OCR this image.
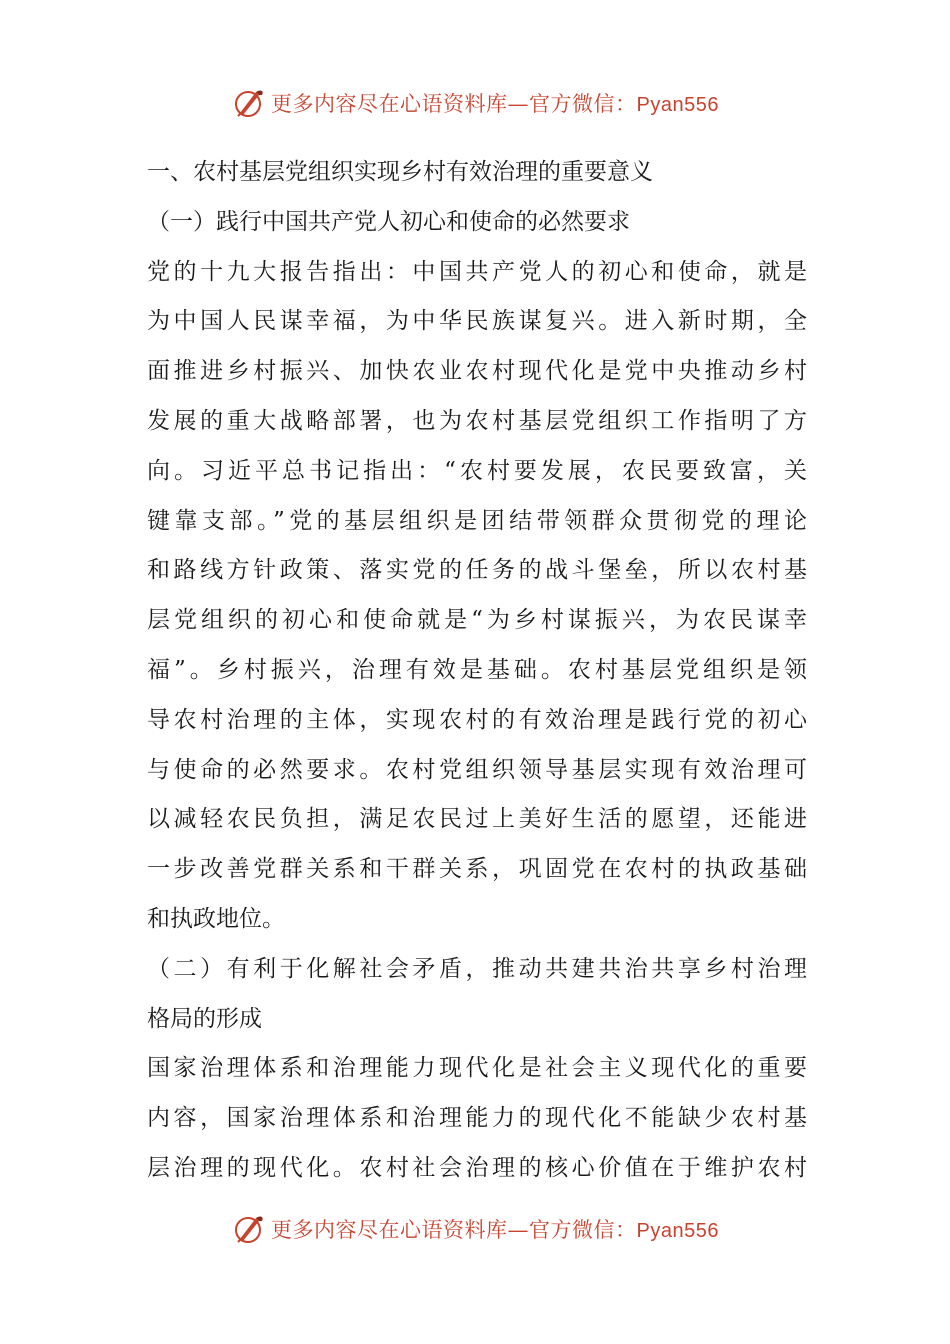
更多内容尽在心语资料库—官方微信：Pyan556
一、农村基层党组织实现乡村有效治理的重要意义
（一）践行中国共产党人初心和使命的必然要求
党的十九大报告指出：中国共产党人的初心和使命，就是
为中国人民谋幸福，为中华民族谋复兴。进入新时期，全
面推进乡村振兴、加快农业农村现代化是党中央推动乡村
发展的重大战略部署，也为农村基层党组织工作指明了方
向。习近平总书记指出：“农村要发展，农民要致富，关
键靠支部。”党的基层组织是团结带领群众贯彻党的理论
和路线方针政策、落实党的任务的战斗堡垒，所以农村基
层党组织的初心和使命就是“为乡村谋振兴，为农民谋幸
福”。乡村振兴，治理有效是基础。农村基层党组织是领
导农村治理的主体，实现农村的有效治理是践行党的初心
与使命的必然要求。农村党组织领导基层实现有效治理可
以减轻农民负担，满足农民过上美好生活的愿望，还能进
一步改善党群关系和干群关系，巩固党在农村的执政基础
和执政地位。
（二）有利于化解社会矛盾，推动共建共治共享乡村治理
格局的形成
国家治理体系和治理能力现代化是社会主义现代化的重要
内容，国家治理体系和治理能力的现代化不能缺少农村基
层治理的现代化。农村社会治理的核心价值在于维护农村
更多内容尽在心语资料库—官方微信：Pyan556
